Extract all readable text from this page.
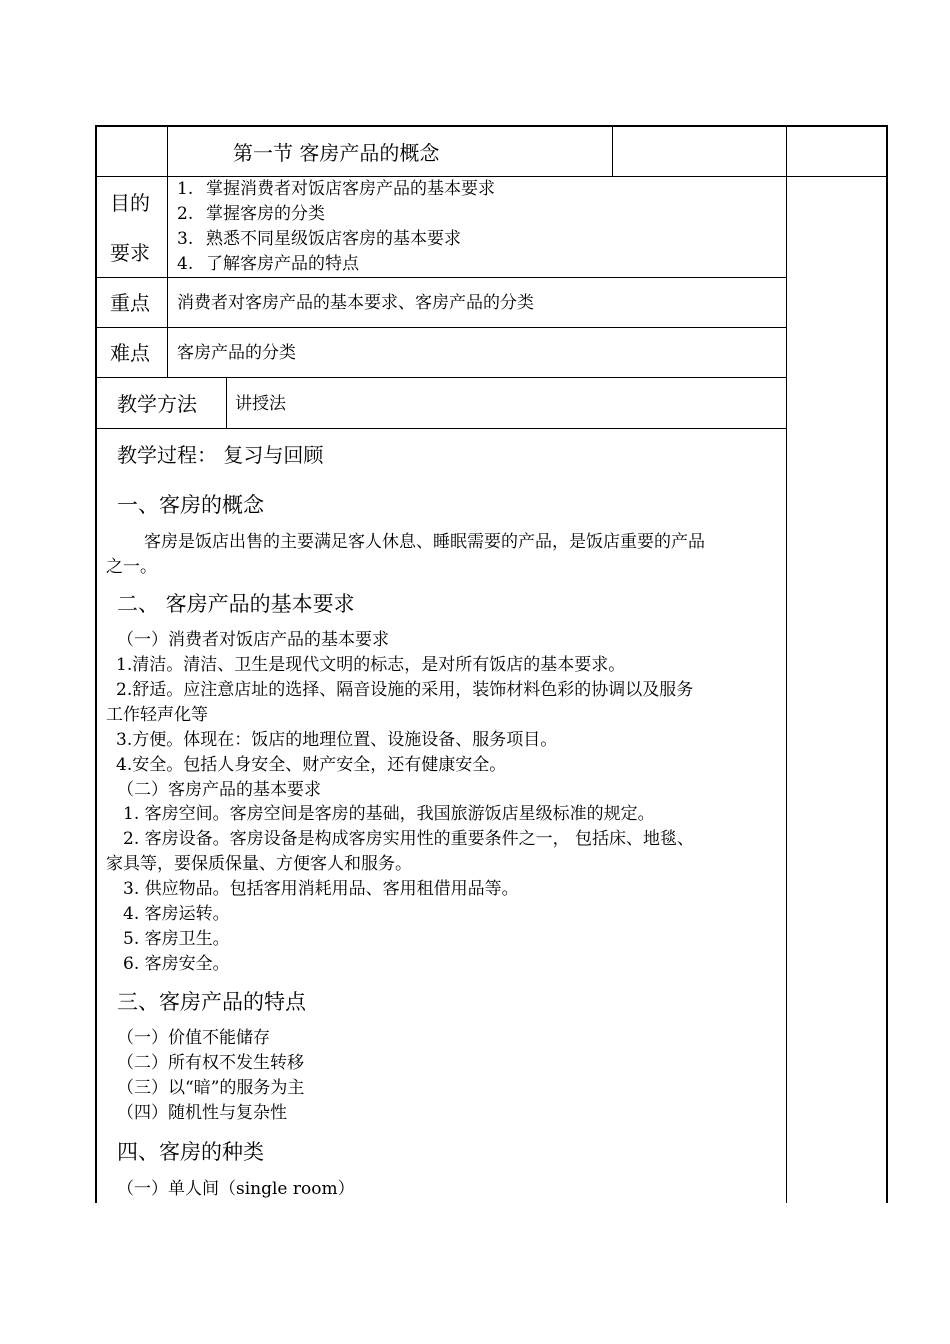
第一节 客房产品的概念
目的
要求
1. 掌握消费者对饭店客房产品的基本要求
2. 掌握客房的分类
3. 熟悉不同星级饭店客房的基本要求
4. 了解客房产品的特点
重点 消费者对客房产品的基本要求、客房产品的分类
难点 客房产品的分类
教学方法 讲授法
教学过程： 复习与回顾
一、客房的概念
客房是饭店出售的主要满足客人休息、睡眠需要的产品，是饭店重要的产品
之一。
二、 客房产品的基本要求
（一）消费者对饭店产品的基本要求
1.清洁。清洁、卫生是现代文明的标志，是对所有饭店的基本要求。
2.舒适。应注意店址的选择、隔音设施的采用，装饰材料色彩的协调以及服务
工作轻声化等
3.方便。体现在：饭店的地理位置、设施设备、服务项目。
4.安全。包括人身安全、财产安全，还有健康安全。
（二）客房产品的基本要求
1. 客房空间。客房空间是客房的基础，我国旅游饭店星级标准的规定。
2. 客房设备。客房设备是构成客房实用性的重要条件之一， 包括床、地毯、
家具等，要保质保量、方便客人和服务。
3. 供应物品。包括客用消耗用品、客用租借用品等。
4. 客房运转。
5. 客房卫生。
6. 客房安全。
三、客房产品的特点
（一）价值不能储存
（二）所有权不发生转移
（三）以“暗”的服务为主
（四）随机性与复杂性
四、客房的种类
（一）单人间（single room）
